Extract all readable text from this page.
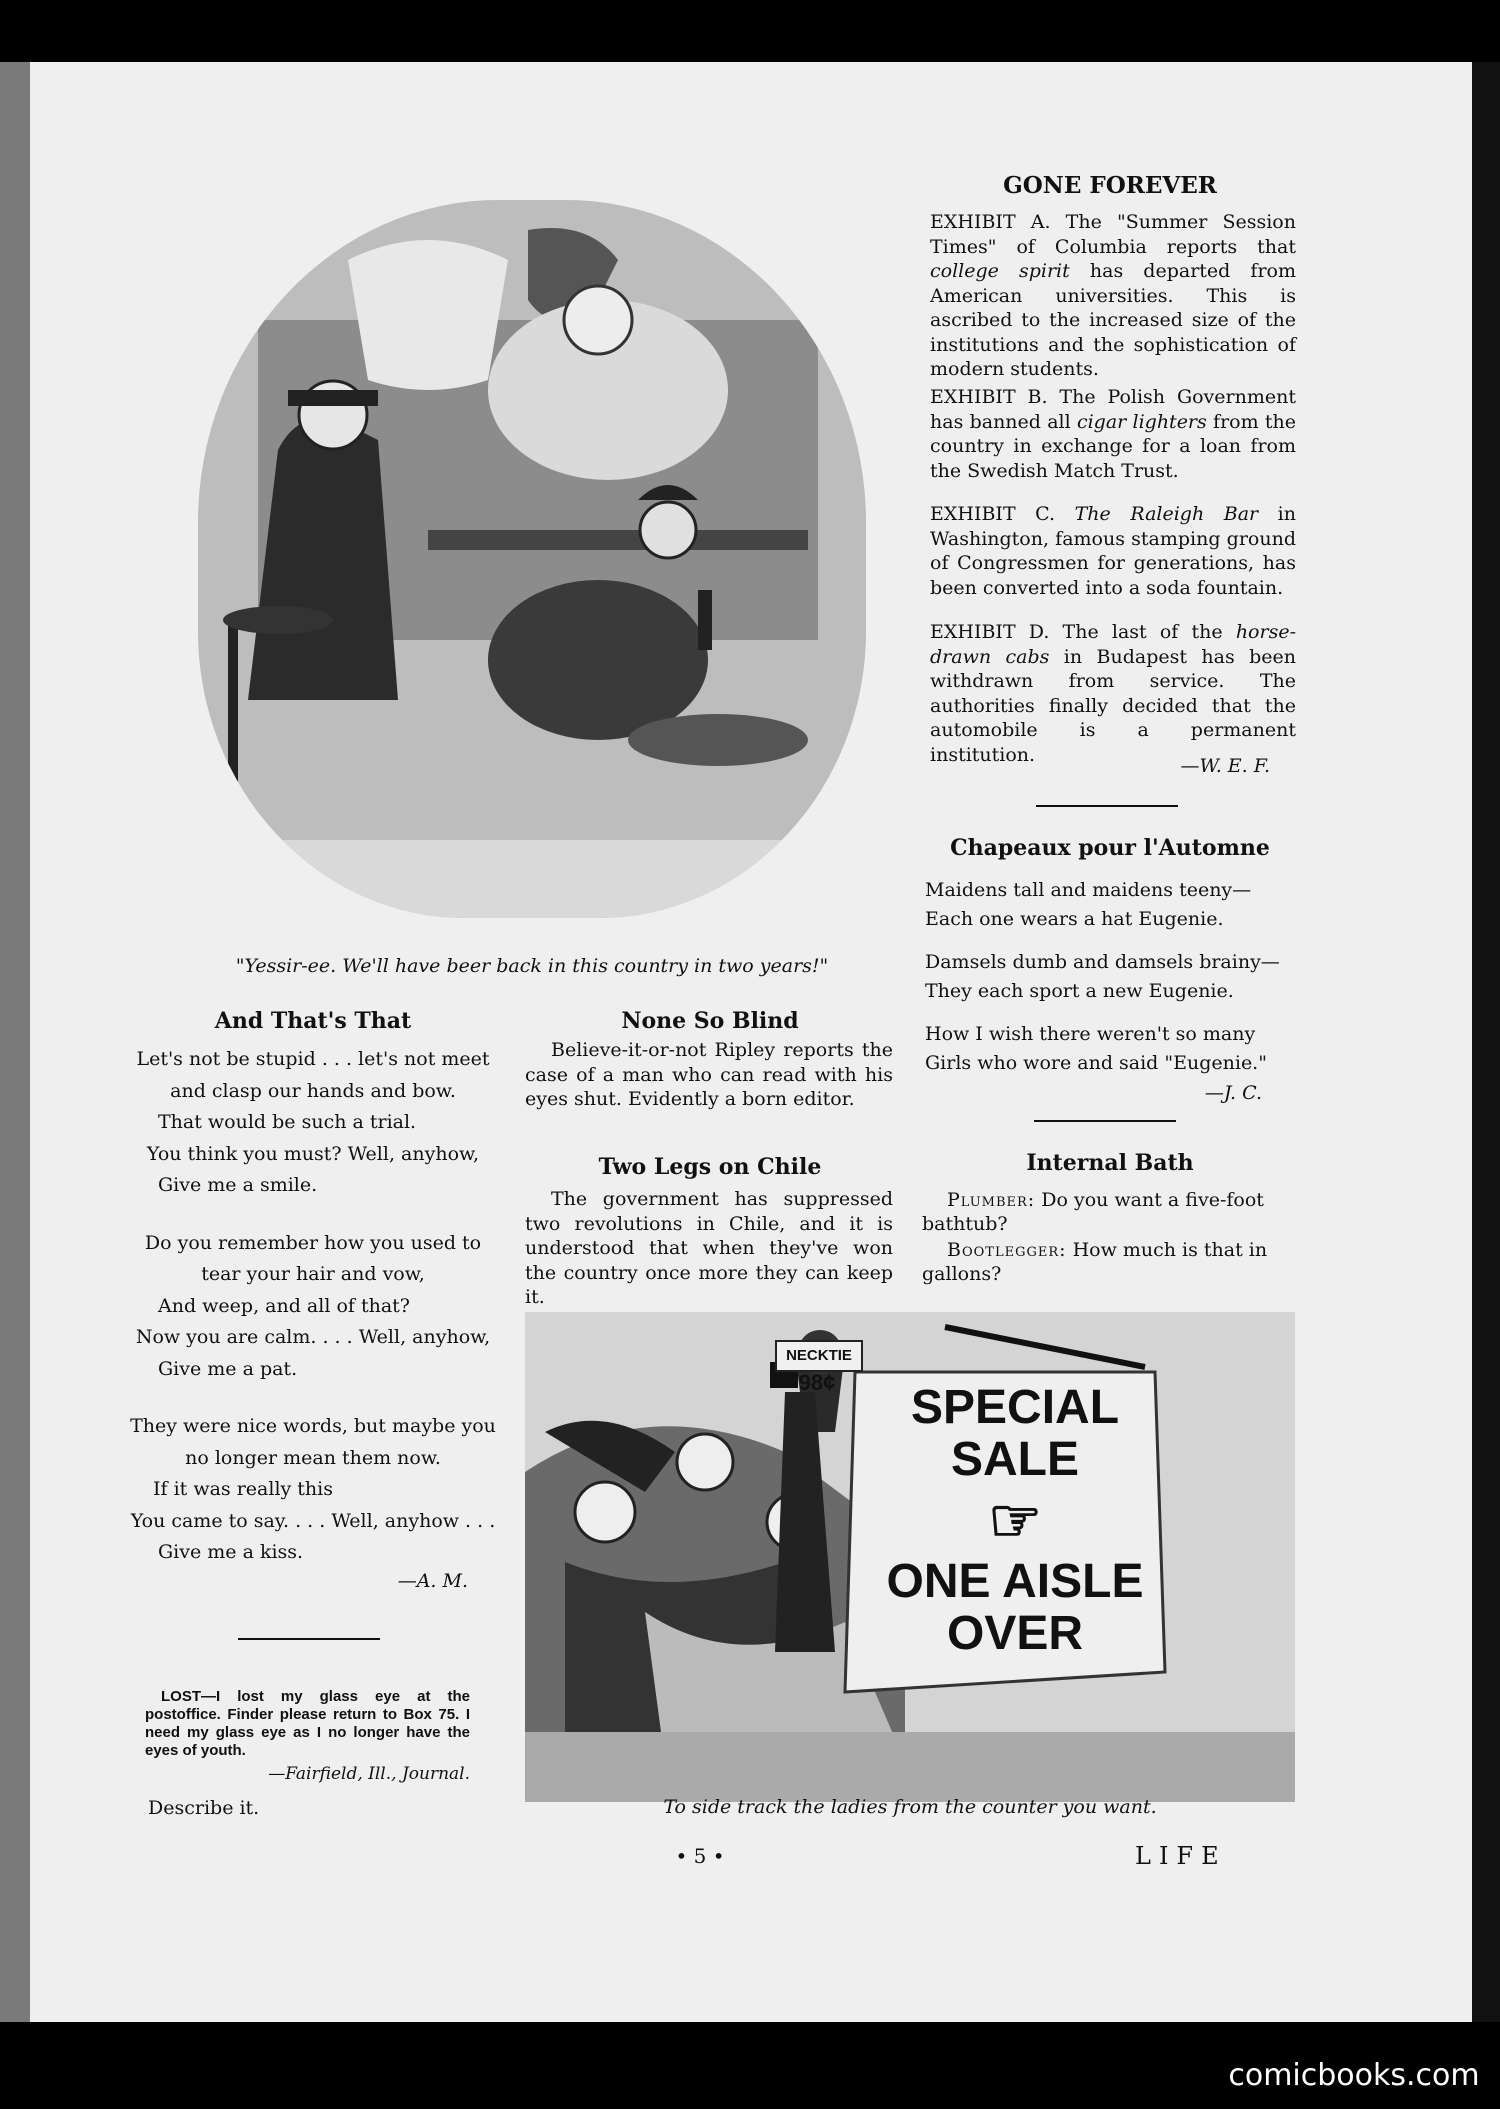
"Yessir-ee. We'll have beer back in this country in two years!"
GONE FOREVER
EXHIBIT A. The "Summer Session Times" of Columbia reports that college spirit has departed from American universities. This is ascribed to the increased size of the institutions and the sophistication of modern students.
EXHIBIT B. The Polish Government has banned all cigar lighters from the country in exchange for a loan from the Swedish Match Trust.
EXHIBIT C. The Raleigh Bar in Washington, famous stamping ground of Congressmen for generations, has been converted into a soda fountain.
EXHIBIT D. The last of the horse-drawn cabs in Budapest has been withdrawn from service. The authorities finally decided that the automobile is a permanent institution.
—W. E. F.
Chapeaux pour l'Automne
Maidens tall and maidens teeny—
Each one wears a hat Eugenie.
Damsels dumb and damsels brainy—
They each sport a new Eugenie.
How I wish there weren't so many
Girls who wore and said "Eugenie."
—J. C.
Internal Bath
Plumber: Do you want a five-foot bathtub?
Bootlegger: How much is that in gallons?
And That's That
Let's not be stupid . . . let's not meet
and clasp our hands and bow.
That would be such a trial.
You think you must? Well, anyhow,
Give me a smile.
Do you remember how you used to
tear your hair and vow,
And weep, and all of that?
Now you are calm. . . . Well, anyhow,
Give me a pat.
They were nice words, but maybe you
no longer mean them now.
If it was really this
You came to say. . . . Well, anyhow . . .
Give me a kiss.
—A. M.
None So Blind
Believe-it-or-not Ripley reports the case of a man who can read with his eyes shut. Evidently a born editor.
Two Legs on Chile
The government has suppressed two revolutions in Chile, and it is understood that when they've won the country once more they can keep it.
LOST—I lost my glass eye at the postoffice. Finder please return to Box 75. I need my glass eye as I no longer have the eyes of youth.
—Fairfield, Ill., Journal.
Describe it.
NECKTIE
98¢	SPECIAL
SALE
☞
ONE AISLE
OVER
To side track the ladies from the counter you want.
• 5 •	LIFE
comicbooks.com
